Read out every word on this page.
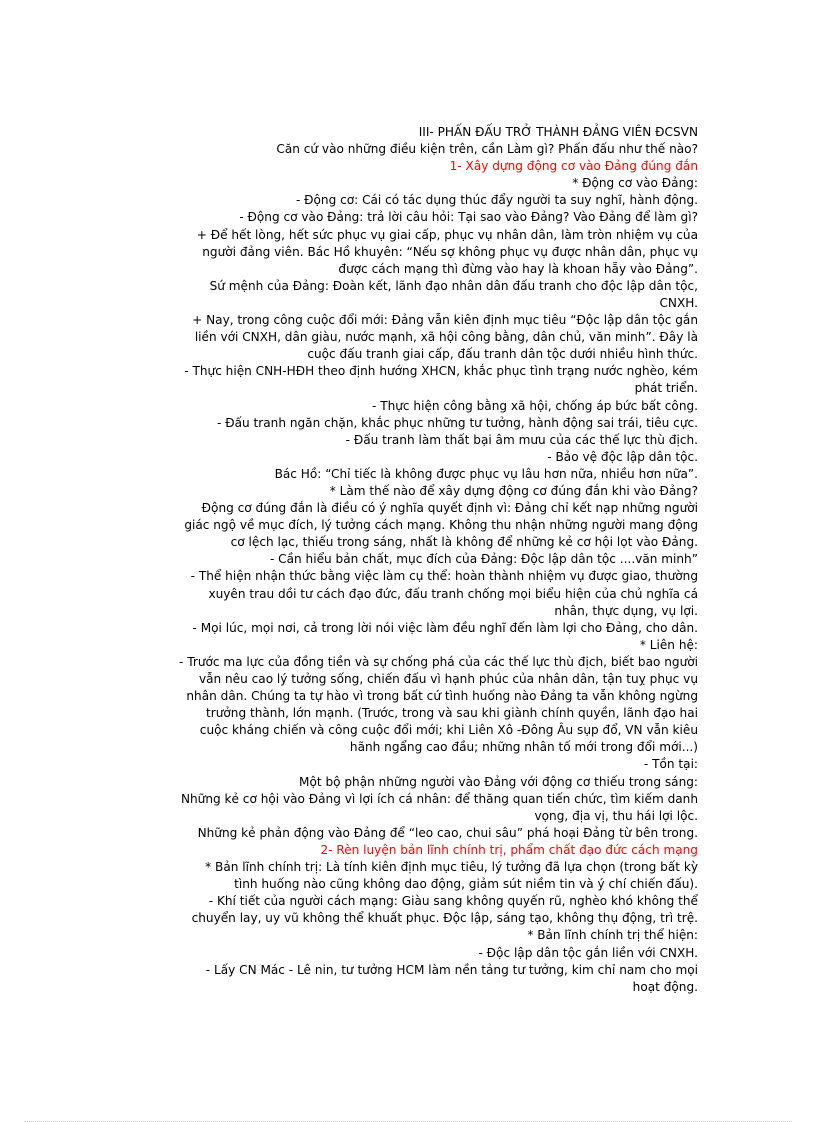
III- PHẤN ĐẤU TRỞ THÀNH ĐẢNG VIÊN ĐCSVN

Căn cứ vào những điều kiện trên, cần Làm gì? Phấn đấu như thế nào?

1- Xây dựng động cơ vào Đảng đúng đắn

* Động cơ vào Đảng:

- Động cơ: Cái có tác dụng thúc đẩy người ta suy nghĩ, hành động.

- Động cơ vào Đảng: trả lời câu hỏi: Tại sao vào Đảng? Vào Đảng để làm gì?

+ Để hết lòng, hết sức phục vụ giai cấp, phục vụ nhân dân, làm tròn nhiệm vụ của
người đảng viên. Bác Hồ khuyên: “Nếu sợ không phục vụ được nhân dân, phục vụ
được cách mạng thì đừng vào hay là khoan hẵy vào Đảng”.

Sứ mệnh của Đảng: Đoàn kết, lãnh đạo nhân dân đấu tranh cho độc lập dân tộc,
CNXH.

+ Nay, trong công cuộc đổi mới: Đảng vẫn kiên định mục tiêu “Độc lập dân tộc gắn
liền với CNXH, dân giàu, nước mạnh, xã hội công bằng, dân chủ, văn minh”. Đây là
cuộc đấu tranh giai cấp, đấu tranh dân tộc dưới nhiều hình thức.

- Thực hiện CNH-HĐH theo định hướng XHCN, khắc phục tình trạng nước nghèo, kém
phát triển.

- Thực hiện công bằng xã hội, chống áp bức bất công.

- Đấu tranh ngăn chặn, khắc phục những tư tưởng, hành động sai trái, tiêu cực.

- Đấu tranh làm thất bại âm mưu của các thế lực thù địch.

- Bảo vệ độc lập dân tộc.

Bác Hồ: “Chỉ tiếc là không được phục vụ lâu hơn nữa, nhiều hơn nữa”.

* Làm thế nào để xây dựng động cơ đúng đắn khi vào Đảng?

Động cơ đúng đắn là điều có ý nghĩa quyết định vì: Đảng chỉ kết nạp những người
giác ngộ về mục đích, lý tưởng cách mạng. Không thu nhận những người mang động
cơ lệch lạc, thiếu trong sáng, nhất là không để những kẻ cơ hội lọt vào Đảng.

- Cần hiểu bản chất, mục đích của Đảng: Độc lập dân tộc ....văn minh”

- Thể hiện nhận thức bằng việc làm cụ thể: hoàn thành nhiệm vụ được giao, thường
xuyên trau dồi tư cách đạo đức, đấu tranh chống mọi biểu hiện của chủ nghĩa cá
nhân, thực dụng, vụ lợi.

- Mọi lúc, mọi nơi, cả trong lời nói việc làm đều nghĩ đến làm lợi cho Đảng, cho dân.

* Liên hệ:

- Trước ma lực của đồng tiền và sự chống phá của các thế lực thù địch, biết bao người
vẫn nêu cao lý tưởng sống, chiến đấu vì hạnh phúc của nhân dân, tận tuỵ phục vụ
nhân dân. Chúng ta tự hào vì trong bất cứ tình huống nào Đảng ta vẫn không ngừng
trưởng thành, lớn mạnh. (Trước, trong và sau khi giành chính quyền, lãnh đạo hai
cuộc kháng chiến và công cuộc đổi mới; khi Liên Xô -Đông Âu sụp đổ, VN vẫn kiêu
hãnh ngẩng cao đầu; những nhân tố mới trong đổi mới...)

- Tồn tại:

Một bộ phận những người vào Đảng với động cơ thiếu trong sáng:

Những kẻ cơ hội vào Đảng vì lợi ích cá nhân: để thăng quan tiến chức, tìm kiếm danh
vọng, địa vị, thu hái lợi lộc.

Những kẻ phản động vào Đảng để “leo cao, chui sâu” phá hoại Đảng từ bên trong.

2- Rèn luyện bản lĩnh chính trị, phẩm chất đạo đức cách mạng

* Bản lĩnh chính trị: Là tính kiên định mục tiêu, lý tưởng đã lựa chọn (trong bất kỳ
tình huống nào cũng không dao động, giảm sút niềm tin và ý chí chiến đấu).

- Khí tiết của người cách mạng: Giàu sang không quyến rũ, nghèo khó không thể
chuyển lay, uy vũ không thể khuất phục. Độc lập, sáng tạo, không thụ động, trì trệ.

* Bản lĩnh chính trị thể hiện:

- Độc lập dân tộc gắn liền với CNXH.

- Lấy CN Mác - Lê nin, tư tưởng HCM làm nền tảng tư tưởng, kim chỉ nam cho mọi
hoạt động.
